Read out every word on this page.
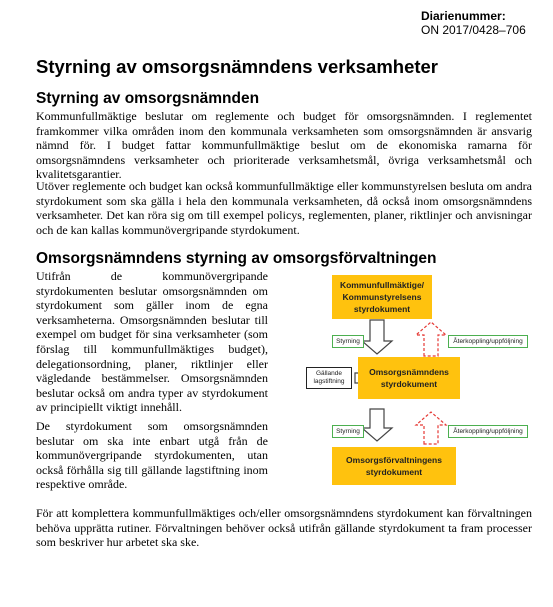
Diarienummer:
ON 2017/0428–706
Styrning av omsorgsnämndens verksamheter
Styrning av omsorgsnämnden

Kommunfullmäktige beslutar om reglemente och budget för omsorgsnämnden. I reglementet framkommer vilka områden inom den kommunala verksamheten som omsorgsnämnden är ansvarig nämnd för. I budget fattar kommunfullmäktige beslut om de ekonomiska ramarna för omsorgsnämndens verksamheter och prioriterade verksamhetsmål, övriga verksamhetsmål och kvalitetsgarantier.

Utöver reglemente och budget kan också kommunfullmäktige eller kommunstyrelsen besluta om andra styrdokument som ska gälla i hela den kommunala verksamheten, då också inom omsorgsnämndens verksamheter. Det kan röra sig om till exempel policys, reglementen, planer, riktlinjer och anvisningar och de kan kallas kommunövergripande styrdokument.

Omsorgsnämndens styrning av omsorgsförvaltningen

Utifrån de kommunövergripande styrdokumenten beslutar omsorgsnämnden om styrdokument som gäller inom de egna verksamheterna. Omsorgsnämnden beslutar till exempel om budget för sina verksamheter (som förslag till kommunfullmäktiges budget), delegationsordning, planer, riktlinjer eller vägledande bestämmelser. Omsorgsnämnden beslutar också om andra typer av styrdokument av principiellt viktigt innehåll.

De styrdokument som omsorgsnämnden beslutar om ska inte enbart utgå från de kommunövergripande styrdokumenten, utan också förhålla sig till gällande lagstiftning inom respektive område.

För att komplettera kommunfullmäktiges och/eller omsorgsnämndens styrdokument kan förvaltningen behöva upprätta rutiner. Förvaltningen behöver också utifrån gällande styrdokument ta fram processer som beskriver hur arbetet ska ske.

Kommunfullmäktige/ Kommunstyrelsens styrdokument
Omsorgsnämndens styrdokument
Omsorgsförvaltningens styrdokument
Styrning
Styrning
Återkoppling/uppföljning
Återkoppling/uppföljning
Gällande lagstiftning
